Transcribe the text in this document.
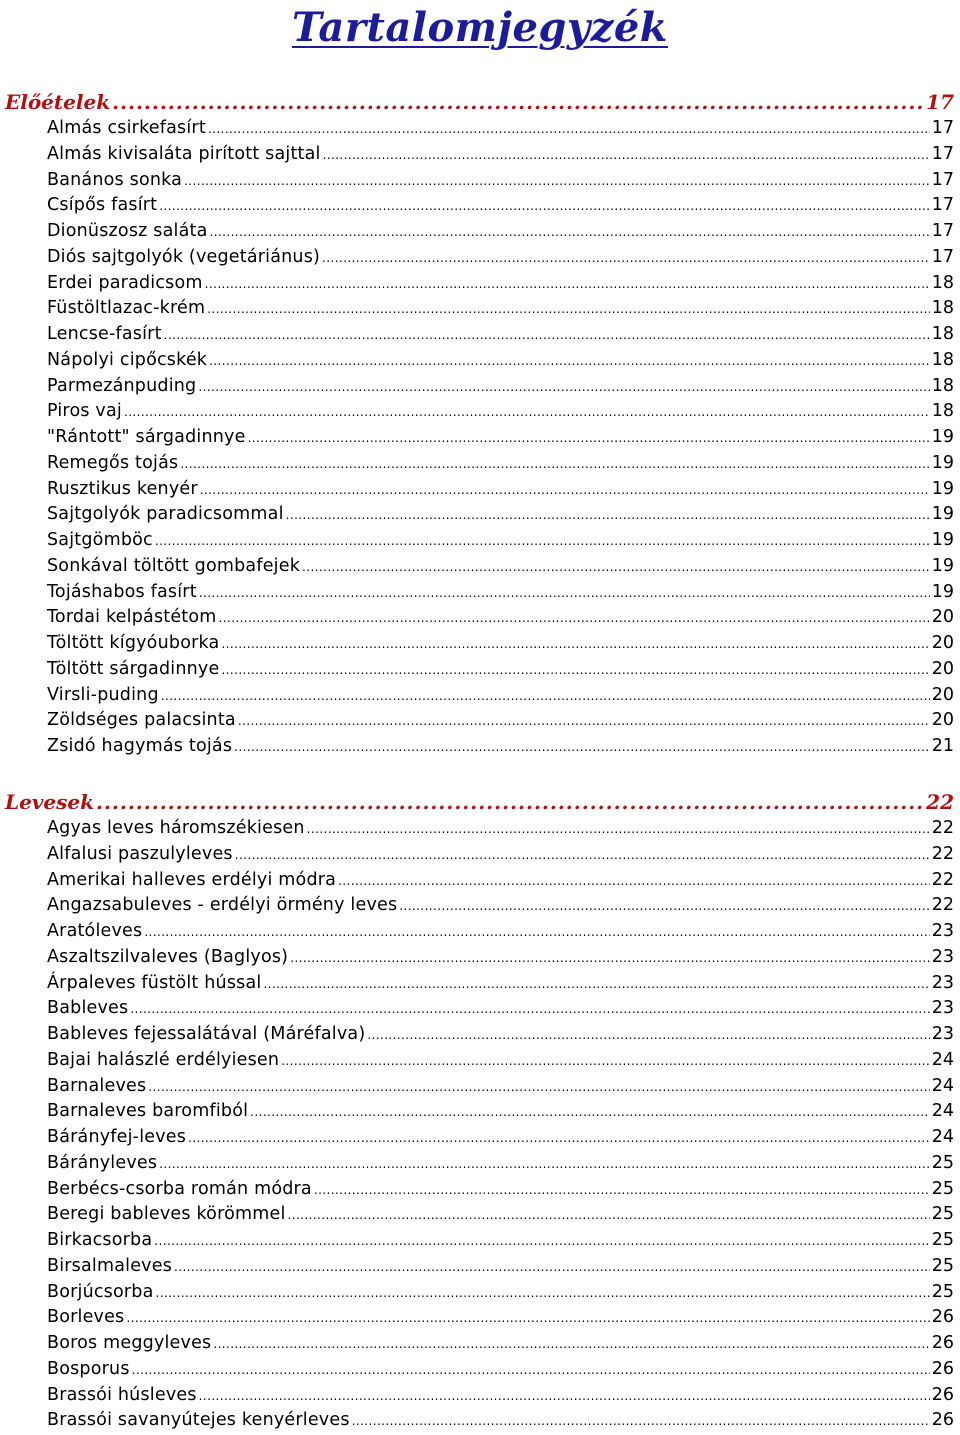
Tartalomjegyzék
Előételek .....	17
Almás csirkefasírt .....	17
Almás kivisaláta pirított sajttal .....	17
Banános sonka .....	17
Csípős fasírt .....	17
Dionüszosz saláta .....	17
Diós sajtgolyók (vegetáriánus) .....	17
Erdei paradicsom .....	18
Füstöltlazac-krém .....	18
Lencse-fasírt .....	18
Nápolyi cipőcskék .....	18
Parmezánpuding .....	18
Piros vaj .....	18
"Rántott" sárgadinnye .....	19
Remegős tojás .....	19
Rusztikus kenyér .....	19
Sajtgolyók paradicsommal .....	19
Sajtgömböc .....	19
Sonkával töltött gombafejek .....	19
Tojáshabos fasírt .....	19
Tordai kelpástétom .....	20
Töltött kígyóuborka .....	20
Töltött sárgadinnye .....	20
Virsli-puding .....	20
Zöldséges palacsinta .....	20
Zsidó hagymás tojás .....	21
Levesek .....	22
Agyas leves háromszékiesen .....	22
Alfalusi paszulyleves .....	22
Amerikai halleves erdélyi módra .....	22
Angazsabuleves - erdélyi örmény leves .....	22
Aratóleves .....	23
Aszaltszilvaleves (Baglyos) .....	23
Árpaleves füstölt hússal .....	23
Bableves .....	23
Bableves fejessalátával (Máréfalva) .....	23
Bajai halászlé erdélyiesen .....	24
Barnaleves .....	24
Barnaleves baromfiból .....	24
Bárányfej-leves .....	24
Bárányleves .....	25
Berbécs-csorba román módra .....	25
Beregi bableves körömmel .....	25
Birkacsorba .....	25
Birsalmaleves .....	25
Borjúcsorba .....	25
Borleves .....	26
Boros meggyleves .....	26
Bosporus .....	26
Brassói húsleves .....	26
Brassói savanyútejes kenyérleves .....	26
